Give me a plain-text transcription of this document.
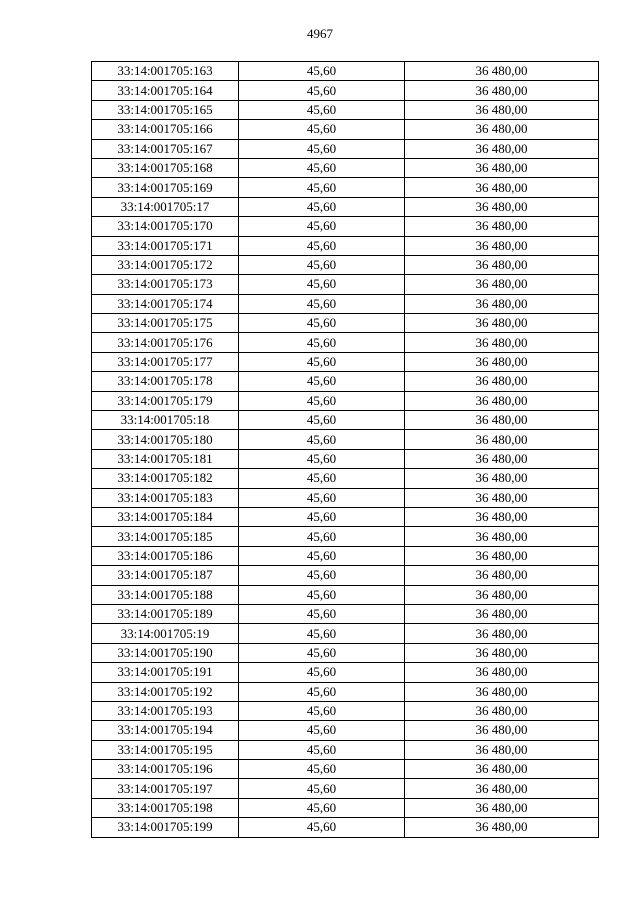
4967
33:14:001705:163	45,60	36 480,00
33:14:001705:164	45,60	36 480,00
33:14:001705:165	45,60	36 480,00
33:14:001705:166	45,60	36 480,00
33:14:001705:167	45,60	36 480,00
33:14:001705:168	45,60	36 480,00
33:14:001705:169	45,60	36 480,00
33:14:001705:17	45,60	36 480,00
33:14:001705:170	45,60	36 480,00
33:14:001705:171	45,60	36 480,00
33:14:001705:172	45,60	36 480,00
33:14:001705:173	45,60	36 480,00
33:14:001705:174	45,60	36 480,00
33:14:001705:175	45,60	36 480,00
33:14:001705:176	45,60	36 480,00
33:14:001705:177	45,60	36 480,00
33:14:001705:178	45,60	36 480,00
33:14:001705:179	45,60	36 480,00
33:14:001705:18	45,60	36 480,00
33:14:001705:180	45,60	36 480,00
33:14:001705:181	45,60	36 480,00
33:14:001705:182	45,60	36 480,00
33:14:001705:183	45,60	36 480,00
33:14:001705:184	45,60	36 480,00
33:14:001705:185	45,60	36 480,00
33:14:001705:186	45,60	36 480,00
33:14:001705:187	45,60	36 480,00
33:14:001705:188	45,60	36 480,00
33:14:001705:189	45,60	36 480,00
33:14:001705:19	45,60	36 480,00
33:14:001705:190	45,60	36 480,00
33:14:001705:191	45,60	36 480,00
33:14:001705:192	45,60	36 480,00
33:14:001705:193	45,60	36 480,00
33:14:001705:194	45,60	36 480,00
33:14:001705:195	45,60	36 480,00
33:14:001705:196	45,60	36 480,00
33:14:001705:197	45,60	36 480,00
33:14:001705:198	45,60	36 480,00
33:14:001705:199	45,60	36 480,00
